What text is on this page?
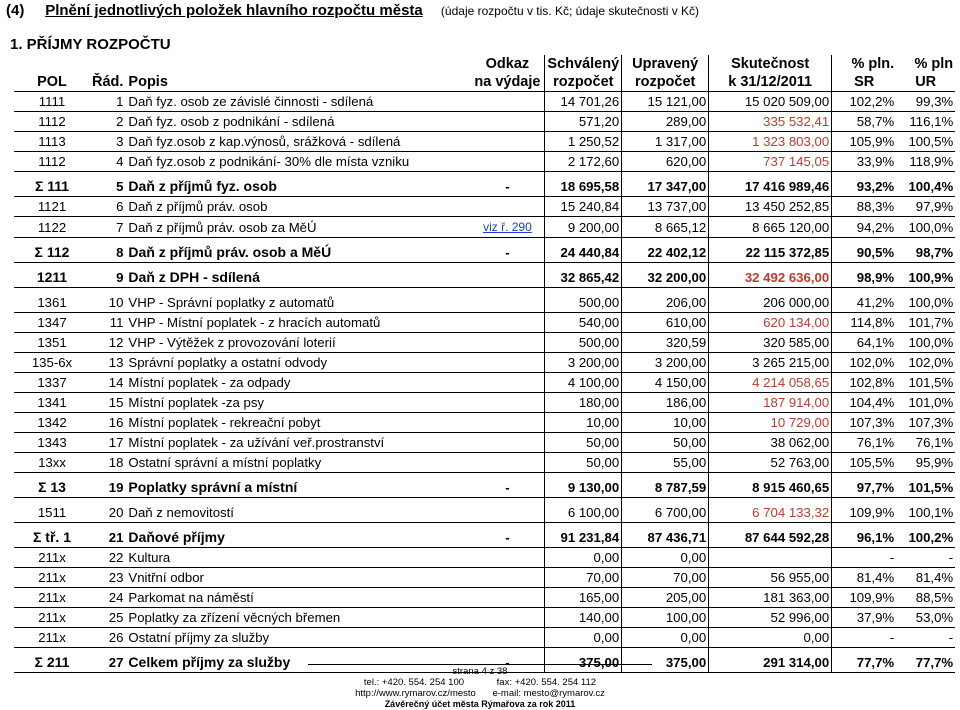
(4) Plnění jednotlivých položek hlavního rozpočtu města (údaje rozpočtu v tis. Kč; údaje skutečnosti v Kč)
1. PŘÍJMY ROZPOČTU
			Odkaz	Schválený	Upravený	Skutečnost	% pln.	% pln
POL	Řád.	Popis	na výdaje	rozpočet	rozpočet	k 31/12/2011	SR	UR
1111	1	Daň fyz. osob ze závislé činnosti - sdílená		14 701,26	15 121,00	15 020 509,00	102,2%	99,3%
1112	2	Daň fyz. osob z podnikání - sdílená		571,20	289,00	335 532,41	58,7%	116,1%
1113	3	Daň fyz.osob z kap.výnosů, srážková - sdílená		1 250,52	1 317,00	1 323 803,00	105,9%	100,5%
1112	4	Daň fyz.osob z podnikání- 30% dle místa vzniku		2 172,60	620,00	737 145,05	33,9%	118,9%

Σ 111	5	Daň z příjmů fyz. osob	-	18 695,58	17 347,00	17 416 989,46	93,2%	100,4%
1121	6	Daň z příjmů práv. osob		15 240,84	13 737,00	13 450 252,85	88,3%	97,9%
1122	7	Daň z příjmů práv. osob za MěÚ	viz ř. 290	9 200,00	8 665,12	8 665 120,00	94,2%	100,0%

Σ 112	8	Daň z příjmů práv. osob a MěÚ	-	24 440,84	22 402,12	22 115 372,85	90,5%	98,7%

1211	9	Daň z DPH - sdílená		32 865,42	32 200,00	32 492 636,00	98,9%	100,9%

1361	10	VHP - Správní poplatky z automatů		500,00	206,00	206 000,00	41,2%	100,0%
1347	11	VHP - Místní poplatek - z hracích automatů		540,00	610,00	620 134,00	114,8%	101,7%
1351	12	VHP - Výtěžek z provozování loterií		500,00	320,59	320 585,00	64,1%	100,0%
135-6x	13	Správní poplatky a ostatní odvody		3 200,00	3 200,00	3 265 215,00	102,0%	102,0%
1337	14	Místní poplatek - za odpady		4 100,00	4 150,00	4 214 058,65	102,8%	101,5%
1341	15	Místní poplatek -za psy		180,00	186,00	187 914,00	104,4%	101,0%
1342	16	Místní poplatek - rekreační pobyt		10,00	10,00	10 729,00	107,3%	107,3%
1343	17	Místní poplatek - za užívání veř.prostranství		50,00	50,00	38 062,00	76,1%	76,1%
13xx	18	Ostatní správní a místní poplatky		50,00	55,00	52 763,00	105,5%	95,9%

Σ 13	19	Poplatky správní a místní	-	9 130,00	8 787,59	8 915 460,65	97,7%	101,5%

1511	20	Daň z nemovitostí		6 100,00	6 700,00	6 704 133,32	109,9%	100,1%

Σ tř. 1	21	Daňové příjmy	-	91 231,84	87 436,71	87 644 592,28	96,1%	100,2%
211x	22	Kultura		0,00	0,00		-	-
211x	23	Vnitřní odbor		70,00	70,00	56 955,00	81,4%	81,4%
211x	24	Parkomat na náměstí		165,00	205,00	181 363,00	109,9%	88,5%
211x	25	Poplatky za zřízení věcných břemen		140,00	100,00	52 996,00	37,9%	53,0%
211x	26	Ostatní příjmy za služby		0,00	0,00	0,00	-	-

Σ 211	27	Celkem příjmy za služby	-	375,00	375,00	291 314,00	77,7%	77,7%
strana 4 z 38
tel.: +420. 554. 254 100	fax: +420. 554. 254 112
http://www.rymarov.cz/mesto e-mail: mesto@rymarov.cz
Závěrečný účet města Rýmařova za rok 2011
